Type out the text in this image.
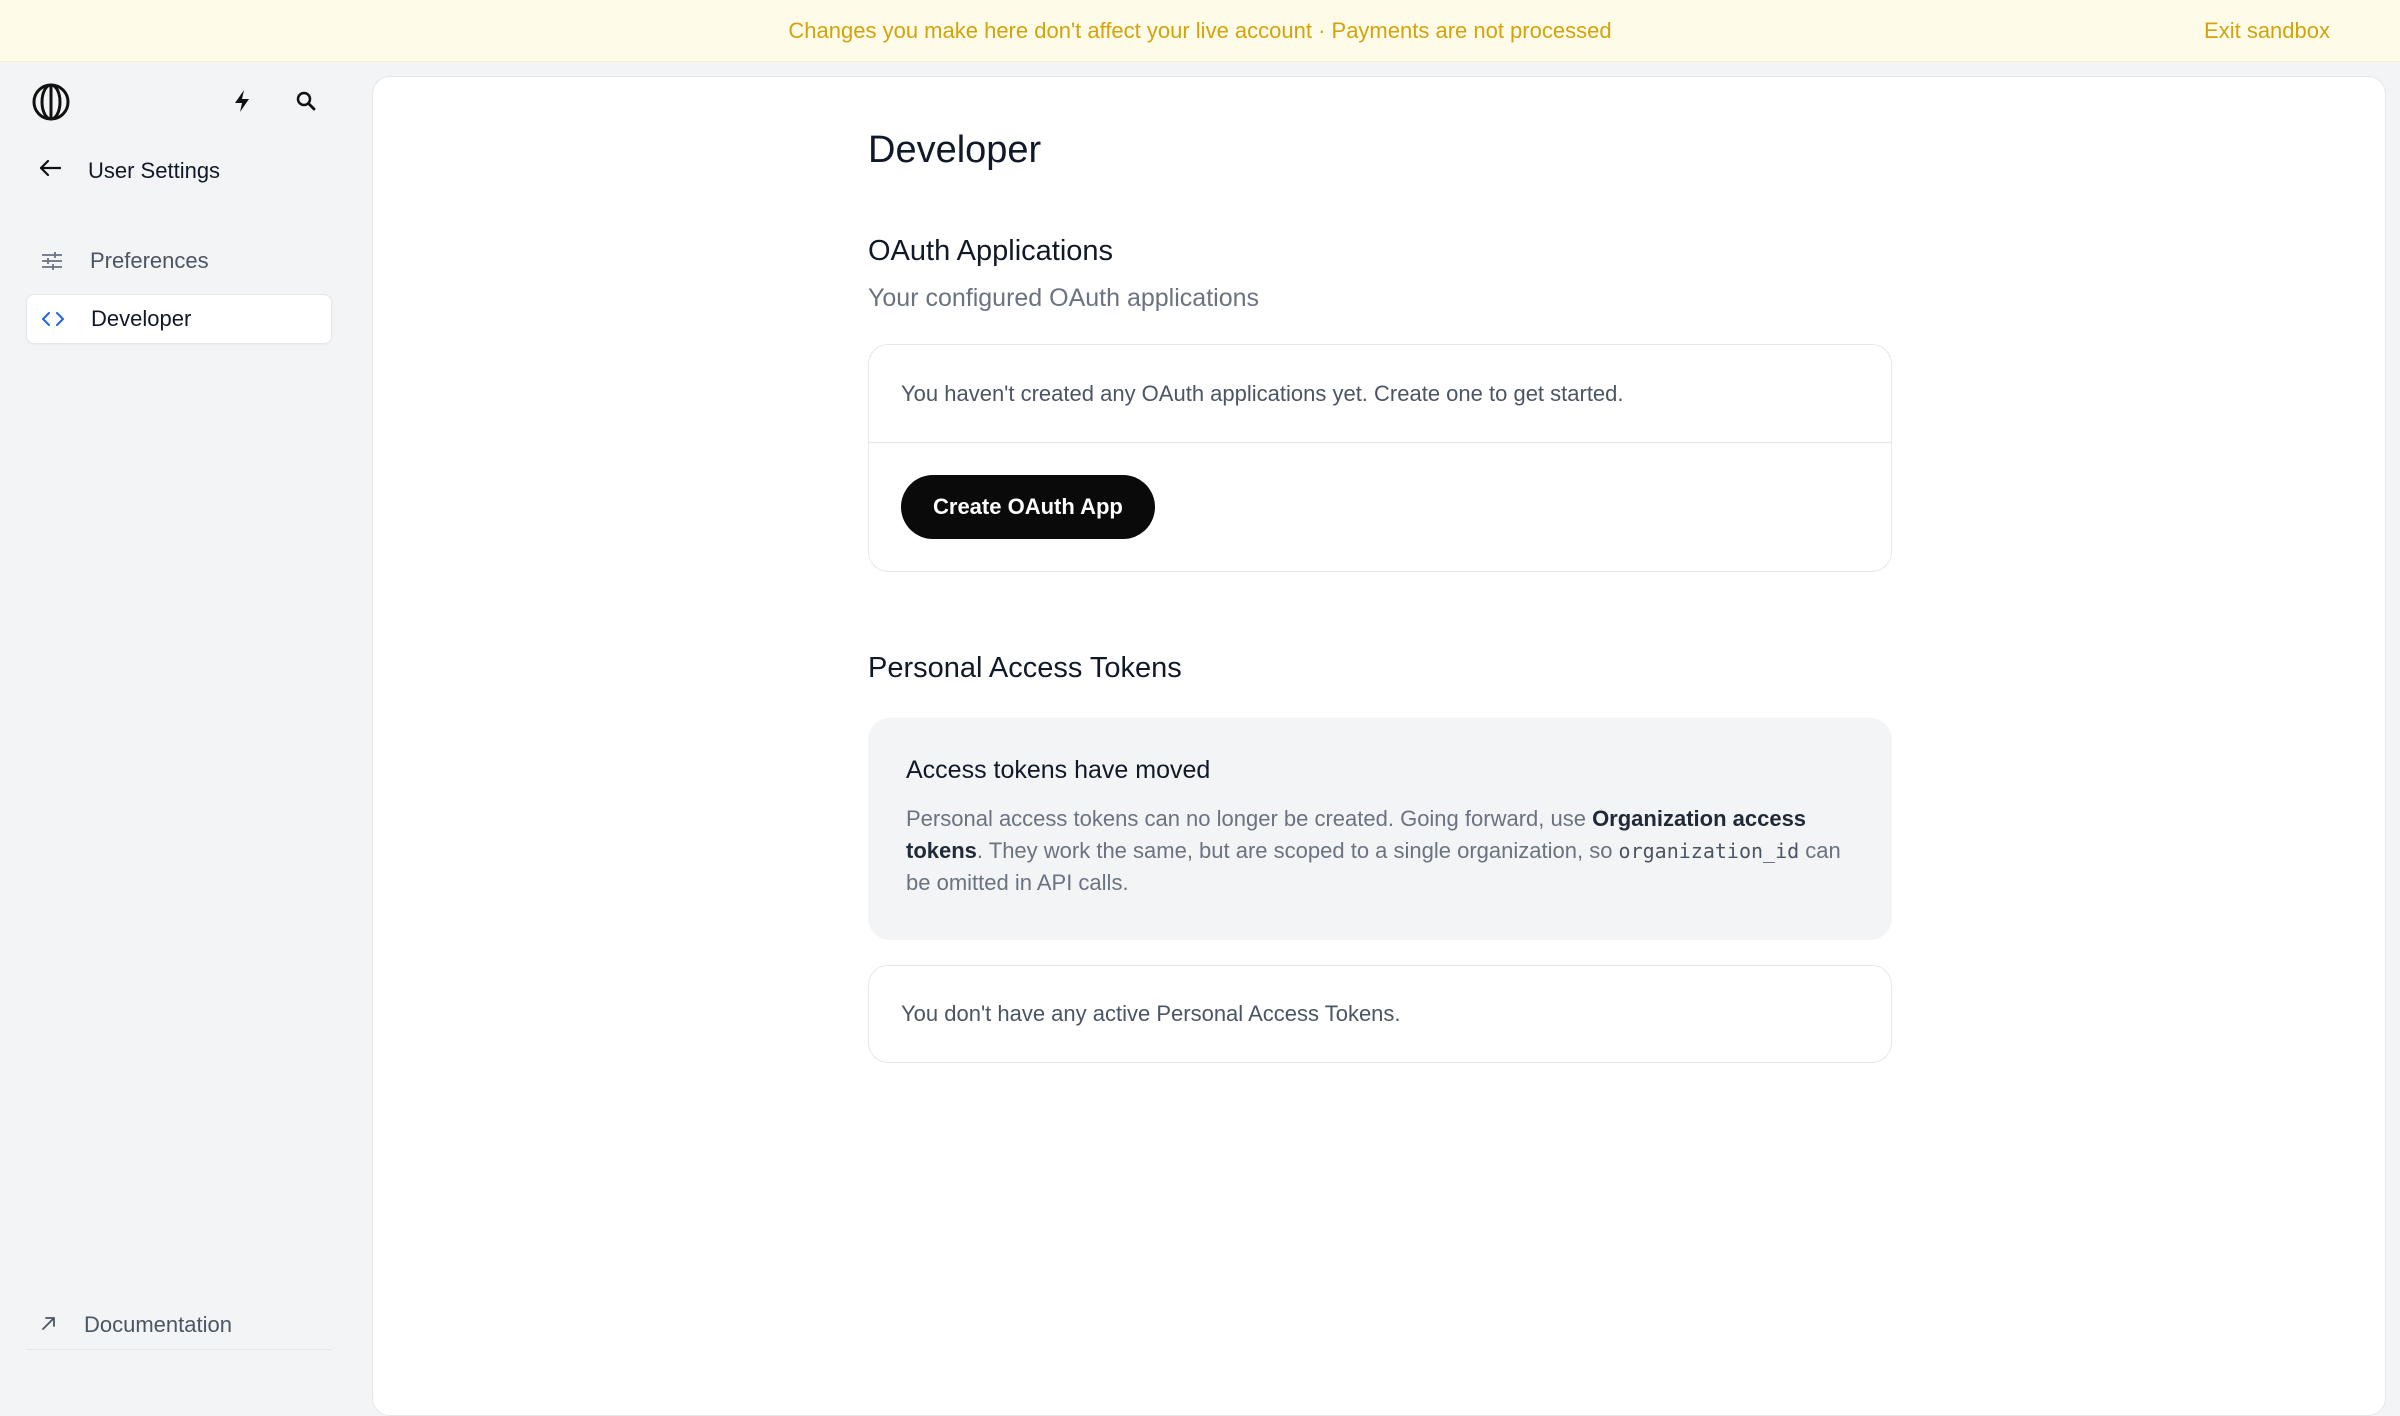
Changes you make here don't affect your live account · Payments are not processed	Exit sandbox
User Settings
Preferences
Developer
Documentation
Developer
OAuth Applications
Your configured OAuth applications
You haven't created any OAuth applications yet. Create one to get started.
Create OAuth App
Personal Access Tokens
Access tokens have moved

Personal access tokens can no longer be created. Going forward, use Organization access tokens. They work the same, but are scoped to a single organization, so organization_id can be omitted in API calls.

You don't have any active Personal Access Tokens.
